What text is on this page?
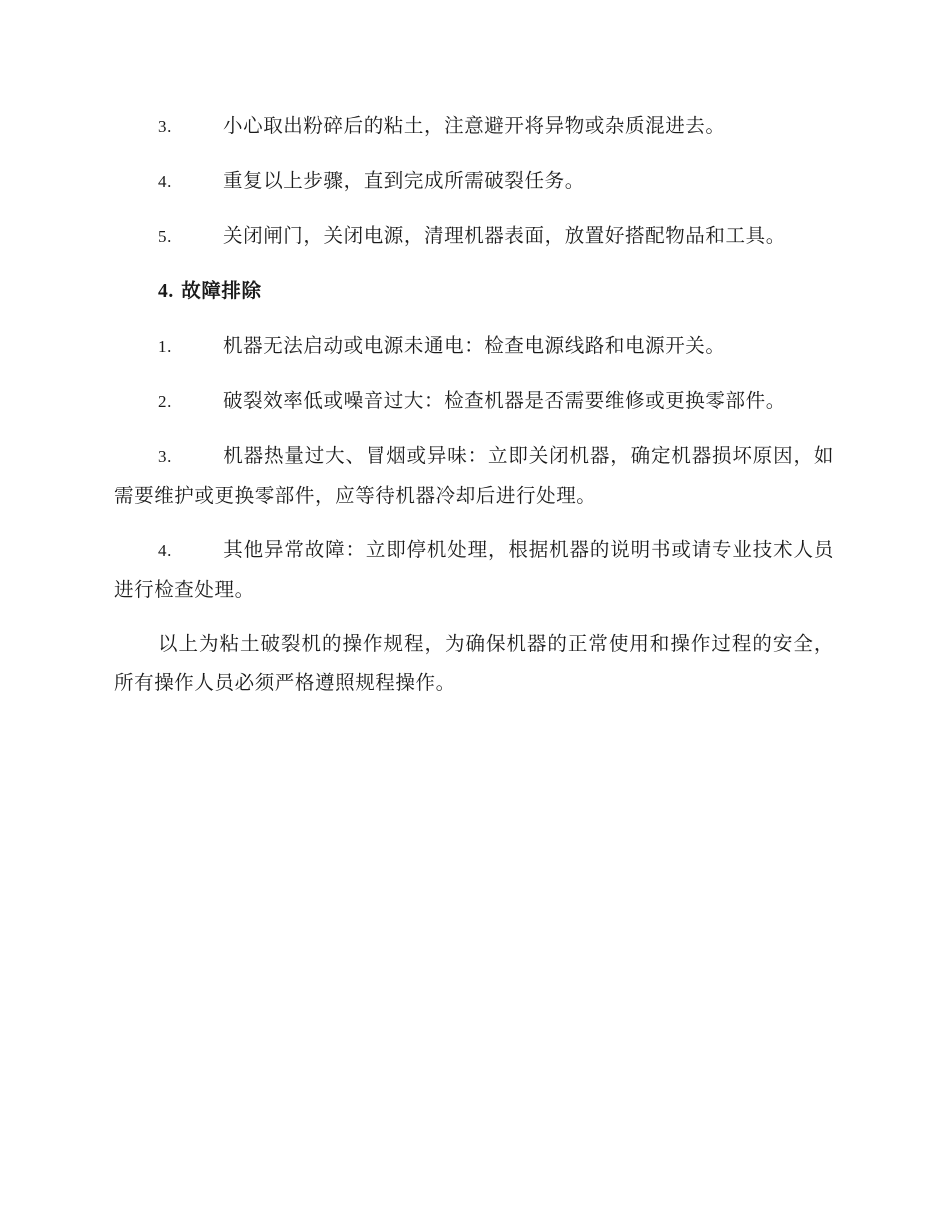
3.	小心取出粉碎后的粘土，注意避开将异物或杂质混进去。

4.	重复以上步骤，直到完成所需破裂任务。

5.	关闭闸门，关闭电源，清理机器表面，放置好搭配物品和工具。

4. 故障排除

1.	机器无法启动或电源未通电：检查电源线路和电源开关。

2.	破裂效率低或噪音过大：检查机器是否需要维修或更换零部件。

3.	机器热量过大、冒烟或异味：立即关闭机器，确定机器损坏原因，如需要维护或更换零部件，应等待机器冷却后进行处理。

4.	其他异常故障：立即停机处理，根据机器的说明书或请专业技术人员进行检查处理。

以上为粘土破裂机的操作规程，为确保机器的正常使用和操作过程的安全，所有操作人员必须严格遵照规程操作。
